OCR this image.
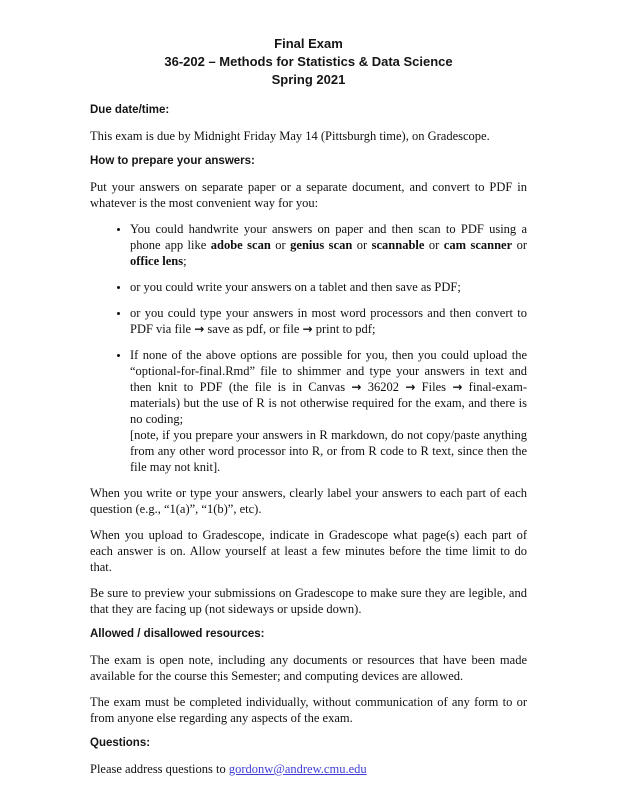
Final Exam
36-202 – Methods for Statistics & Data Science
Spring 2021
Due date/time:

This exam is due by Midnight Friday May 14 (Pittsburgh time), on Gradescope.

How to prepare your answers:

Put your answers on separate paper or a separate document, and convert to PDF in whatever is the most convenient way for you:

• You could handwrite your answers on paper and then scan to PDF using a phone app like adobe scan or genius scan or scannable or cam scanner or office lens;
• or you could write your answers on a tablet and then save as PDF;
• or you could type your answers in most word processors and then convert to PDF via file → save as pdf, or file → print to pdf;
• If none of the above options are possible for you, then you could upload the “optional-for-final.Rmd” file to shimmer and type your answers in text and then knit to PDF (the file is in Canvas → 36202 → Files → final-exam-materials) but the use of R is not otherwise required for the exam, and there is no coding;
[note, if you prepare your answers in R markdown, do not copy/paste anything from any other word processor into R, or from R code to R text, since then the file may not knit].

When you write or type your answers, clearly label your answers to each part of each question (e.g., “1(a)”, “1(b)”, etc).

When you upload to Gradescope, indicate in Gradescope what page(s) each part of each answer is on. Allow yourself at least a few minutes before the time limit to do that.

Be sure to preview your submissions on Gradescope to make sure they are legible, and that they are facing up (not sideways or upside down).

Allowed / disallowed resources:

The exam is open note, including any documents or resources that have been made available for the course this Semester; and computing devices are allowed.

The exam must be completed individually, without communication of any form to or from anyone else regarding any aspects of the exam.

Questions:

Please address questions to gordonw@andrew.cmu.edu
